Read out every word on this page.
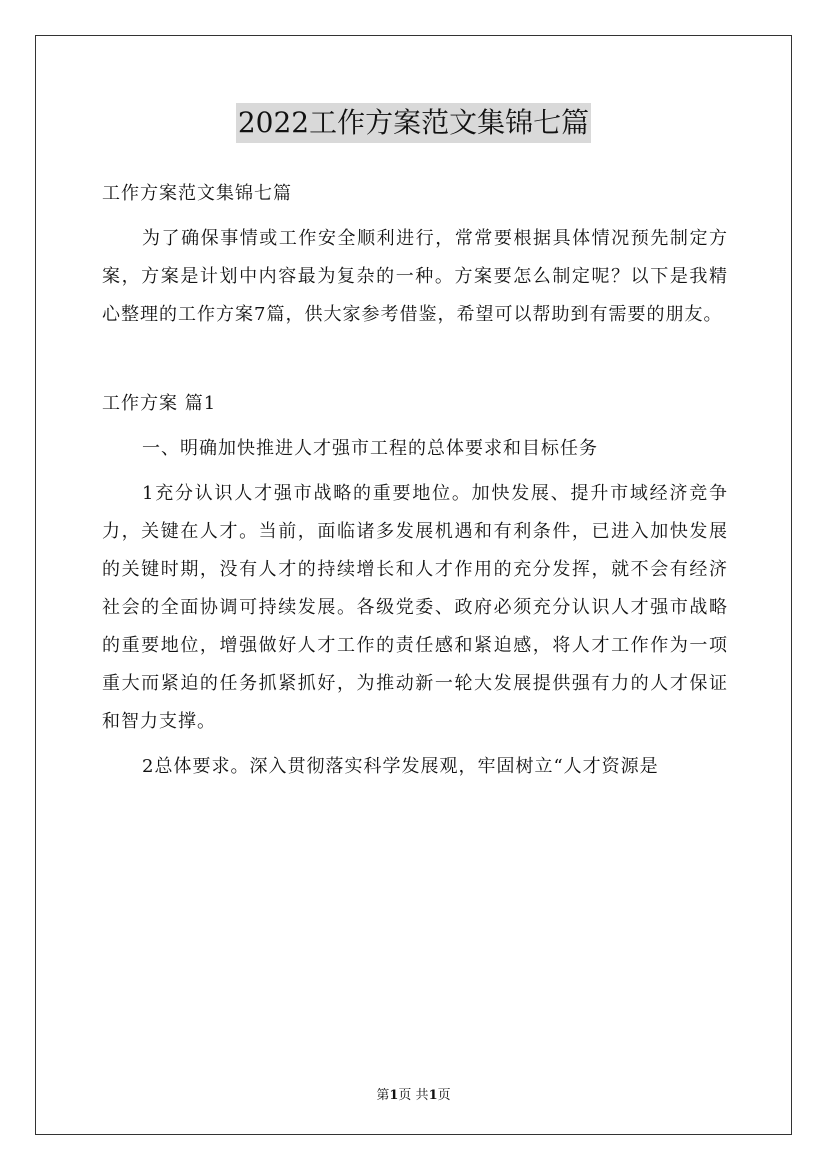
2022工作方案范文集锦七篇

工作方案范文集锦七篇

为了确保事情或工作安全顺利进行，常常要根据具体情况预先制定方案，方案是计划中内容最为复杂的一种。方案要怎么制定呢？以下是我精心整理的工作方案7篇，供大家参考借鉴，希望可以帮助到有需要的朋友。

工作方案 篇1

一、明确加快推进人才强市工程的总体要求和目标任务

1充分认识人才强市战略的重要地位。加快发展、提升市域经济竞争力，关键在人才。当前，面临诸多发展机遇和有利条件，已进入加快发展的关键时期，没有人才的持续增长和人才作用的充分发挥，就不会有经济社会的全面协调可持续发展。各级党委、政府必须充分认识人才强市战略的重要地位，增强做好人才工作的责任感和紧迫感，将人才工作作为一项重大而紧迫的任务抓紧抓好，为推动新一轮大发展提供强有力的人才保证和智力支撑。

2总体要求。深入贯彻落实科学发展观，牢固树立“人才资源是

第1页 共1页
